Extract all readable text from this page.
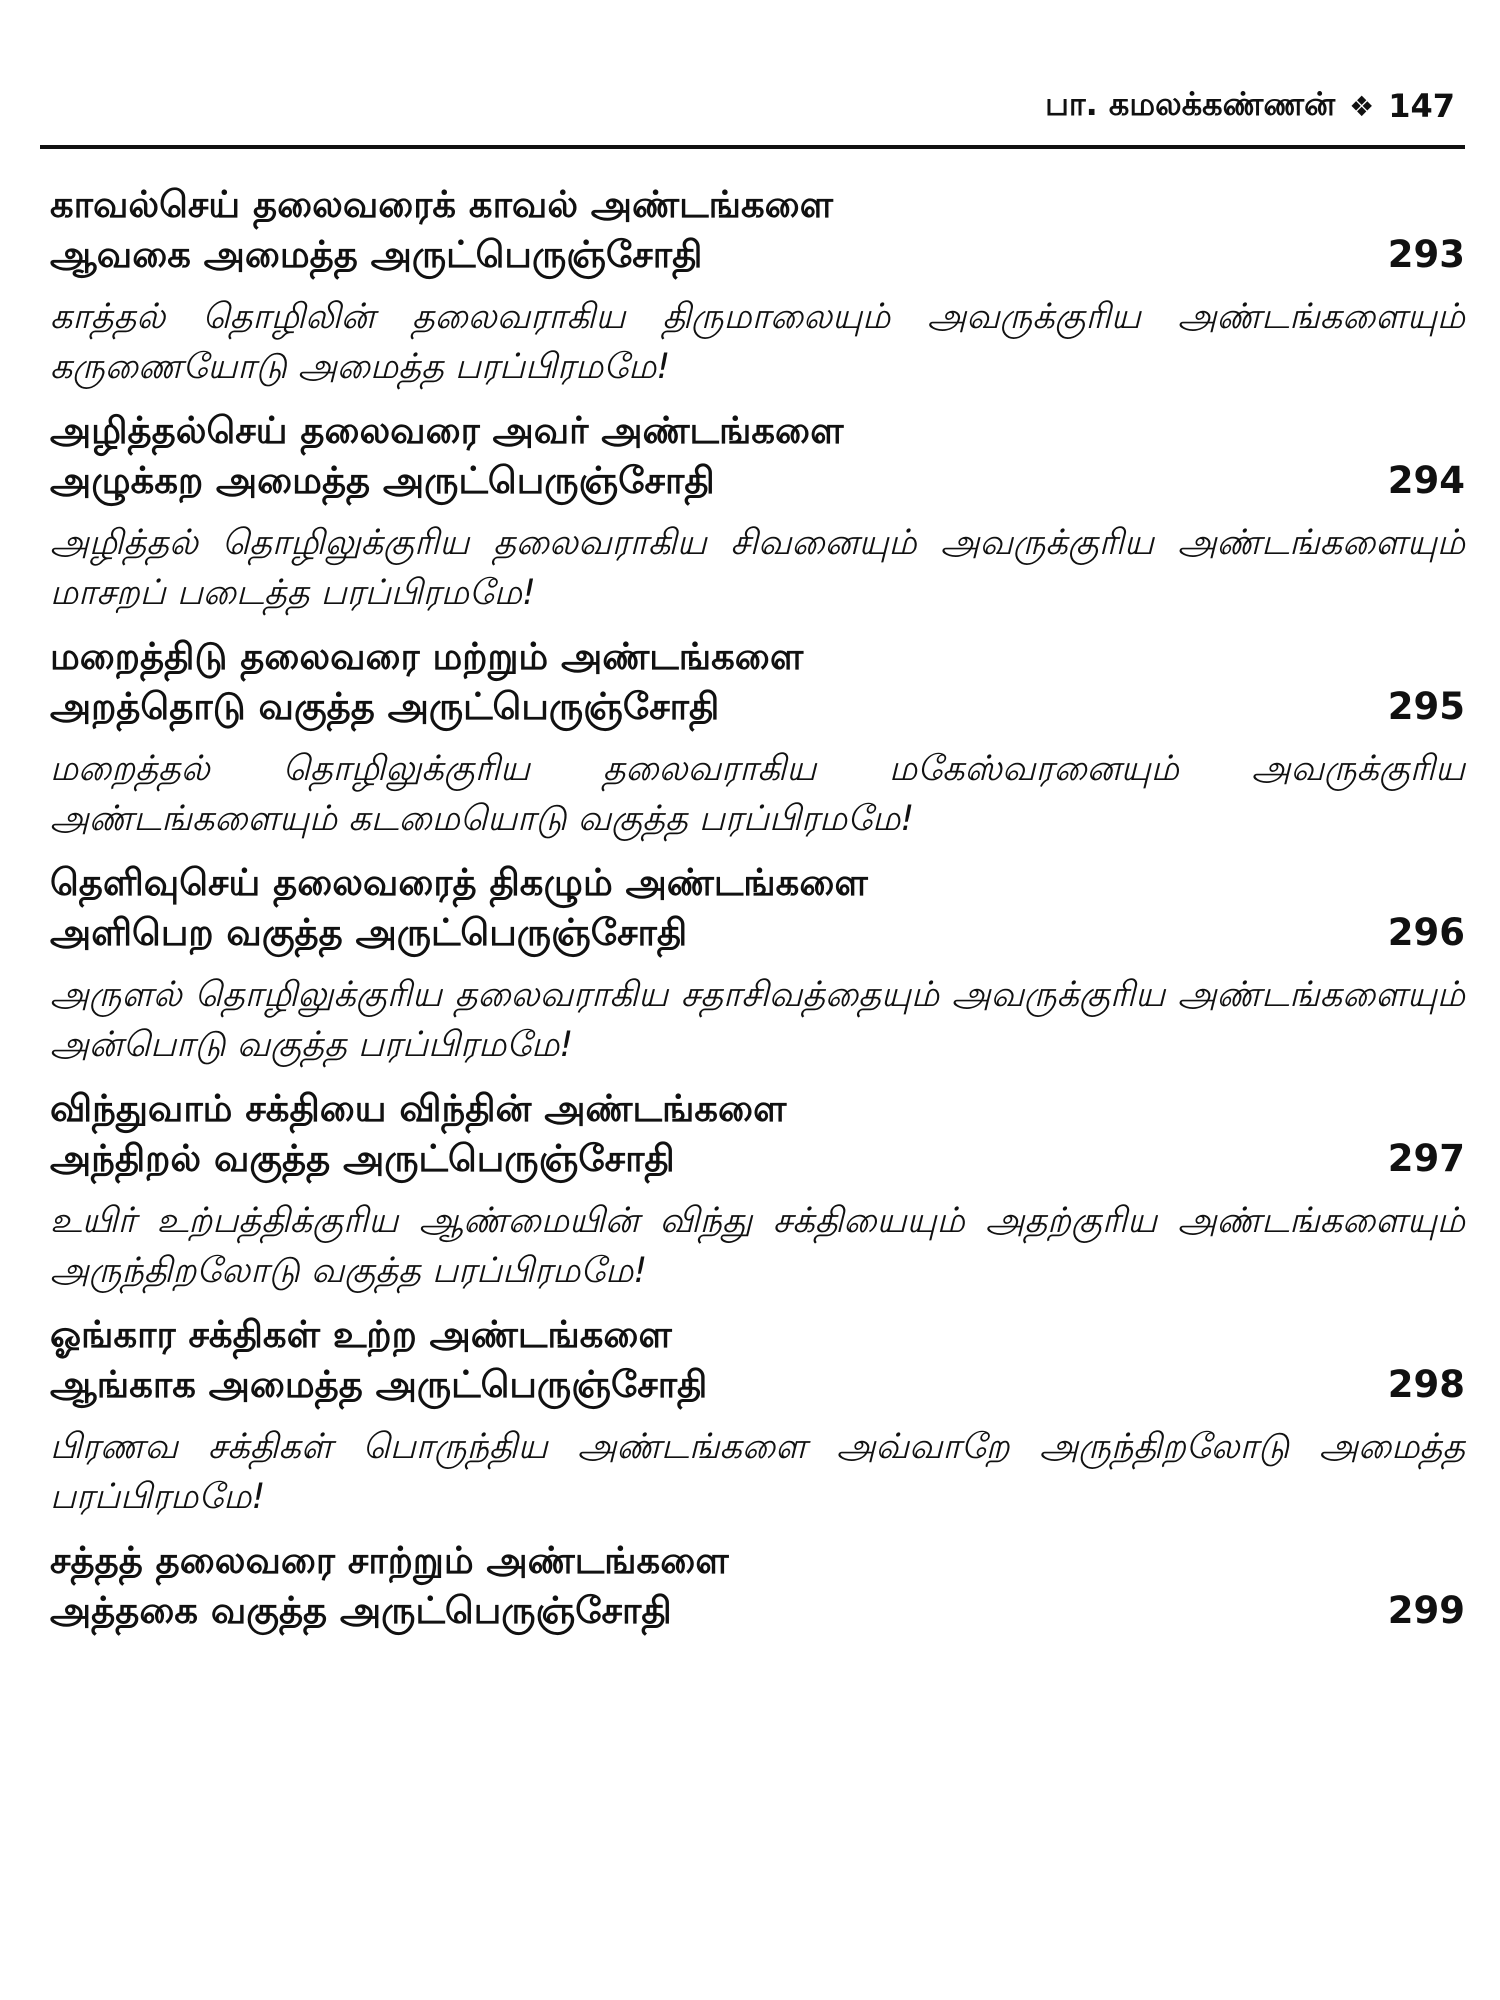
பா. கமலக்கண்ணன் ❖ 147
காவல்செய் தலைவரைக் காவல் அண்டங்களை
ஆவகை அமைத்த அருட்பெருஞ்சோதி	293
காத்தல் தொழிலின் தலைவராகிய திருமாலையும் அவருக்குரிய அண்டங்களையும் கருணையோடு அமைத்த பரப்பிரமமே!
அழித்தல்செய் தலைவரை அவர் அண்டங்களை
அழுக்கற அமைத்த அருட்பெருஞ்சோதி	294
அழித்தல் தொழிலுக்குரிய தலைவராகிய சிவனையும் அவருக்குரிய அண்டங்களையும் மாசறப் படைத்த பரப்பிரமமே!
மறைத்திடு தலைவரை மற்றும் அண்டங்களை
அறத்தொடு வகுத்த அருட்பெருஞ்சோதி	295
மறைத்தல் தொழிலுக்குரிய தலைவராகிய மகேஸ்வரனையும் அவருக்குரிய அண்டங்களையும் கடமையொடு வகுத்த பரப்பிரமமே!
தெளிவுசெய் தலைவரைத் திகழும் அண்டங்களை
அளிபெற வகுத்த அருட்பெருஞ்சோதி	296
அருளல் தொழிலுக்குரிய தலைவராகிய சதாசிவத்தையும் அவருக்குரிய அண்டங்களையும் அன்பொடு வகுத்த பரப்பிரமமே!
விந்துவாம் சக்தியை விந்தின் அண்டங்களை
அந்திறல் வகுத்த அருட்பெருஞ்சோதி	297
உயிர் உற்பத்திக்குரிய ஆண்மையின் விந்து சக்தியையும் அதற்குரிய அண்டங்களையும் அருந்திறலோடு வகுத்த பரப்பிரமமே!
ஓங்கார சக்திகள் உற்ற அண்டங்களை
ஆங்காக அமைத்த அருட்பெருஞ்சோதி	298
பிரணவ சக்திகள் பொருந்திய அண்டங்களை அவ்வாறே அருந்திறலோடு அமைத்த பரப்பிரமமே!
சத்தத் தலைவரை சாற்றும் அண்டங்களை
அத்தகை வகுத்த அருட்பெருஞ்சோதி	299
